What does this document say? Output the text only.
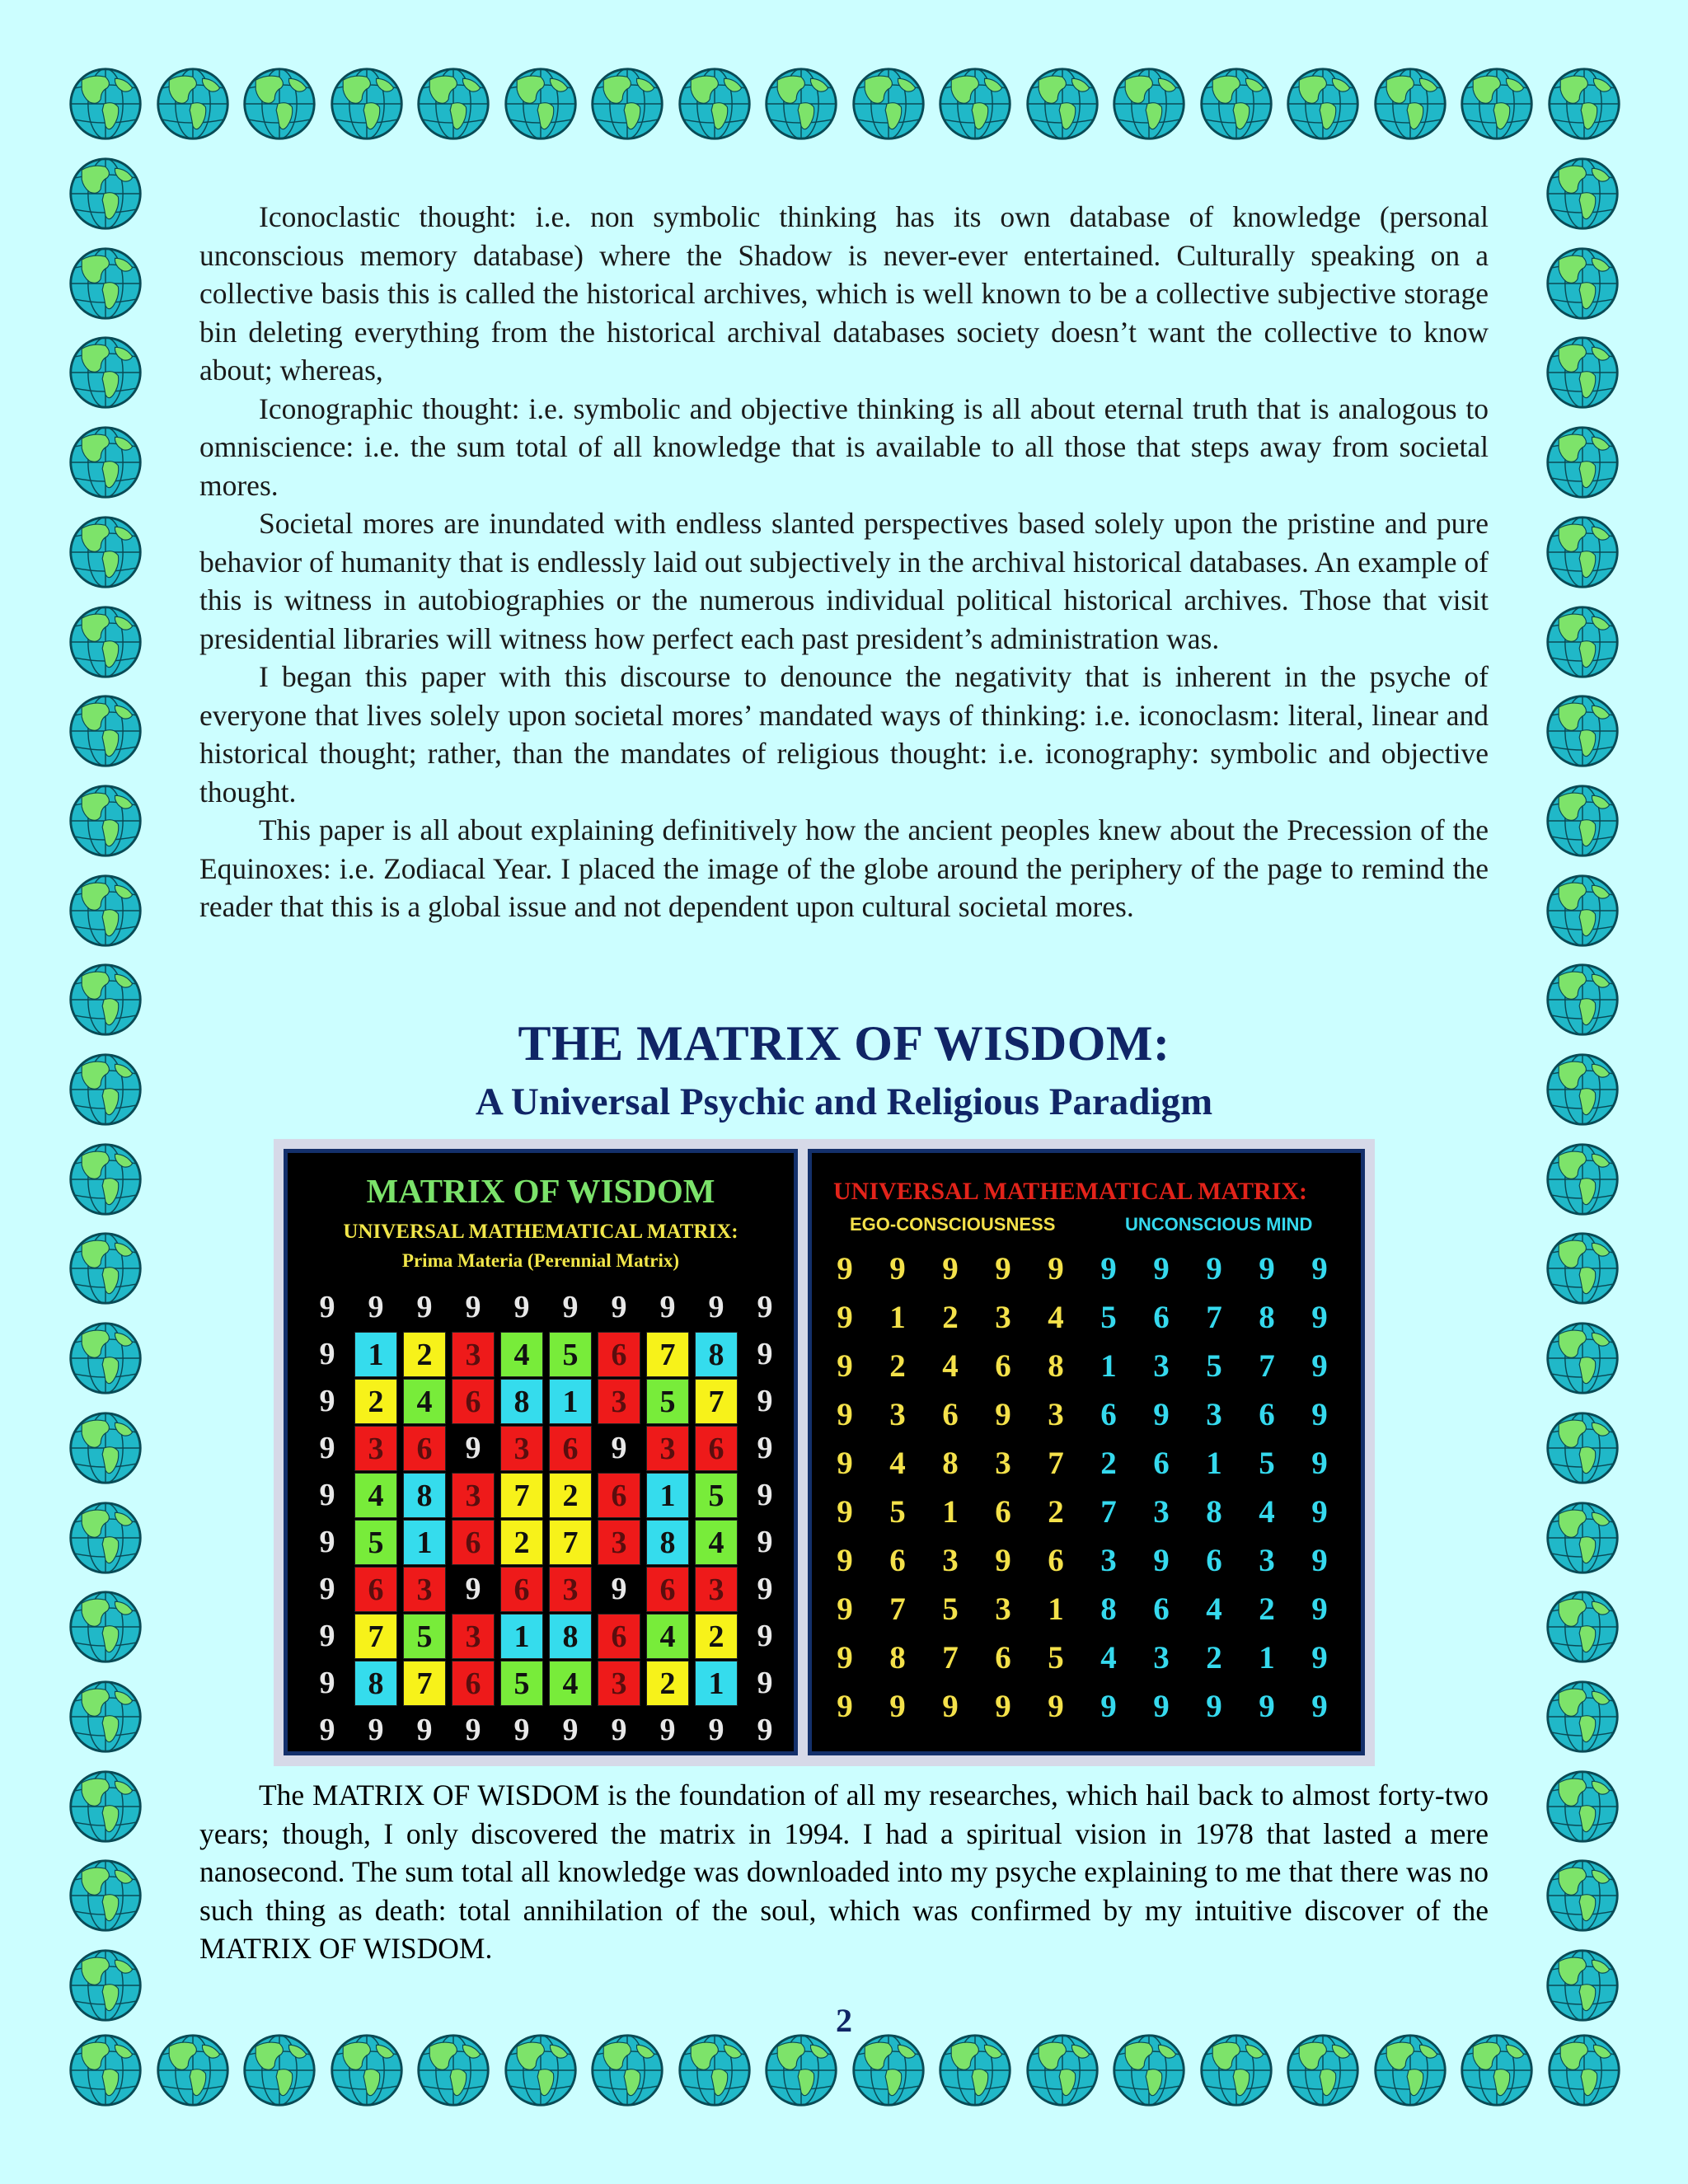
Iconoclastic thought: i.e. non symbolic thinking has its own database of knowledge (personal unconscious memory database) where the Shadow is never-ever entertained. Culturally speaking on a collective basis this is called the historical archives, which is well known to be a collective subjective storage bin deleting everything from the historical archival databases society doesn’t want the collective to know about; whereas,

Iconographic thought: i.e. symbolic and objective thinking is all about eternal truth that is analogous to omniscience: i.e. the sum total of all knowledge that is available to all those that steps away from societal mores.

Societal mores are inundated with endless slanted perspectives based solely upon the pristine and pure behavior of humanity that is endlessly laid out subjectively in the archival historical databases. An example of this is witness in autobiographies or the numerous individual political historical archives. Those that visit presidential libraries will witness how perfect each past president’s administration was.

I began this paper with this discourse to denounce the negativity that is inherent in the psyche of everyone that lives solely upon societal mores’ mandated ways of thinking: i.e. iconoclasm: literal, linear and historical thought; rather, than the mandates of religious thought: i.e. iconography: symbolic and objective thought.

This paper is all about explaining definitively how the ancient peoples knew about the Precession of the Equinoxes: i.e. Zodiacal Year. I placed the image of the globe around the periphery of the page to remind the reader that this is a global issue and not dependent upon cultural societal mores.

THE MATRIX OF WISDOM:
A Universal Psychic and Religious Paradigm
MATRIX OF WISDOM
UNIVERSAL MATHEMATICAL MATRIX:
Prima Materia (Perennial Matrix)
9	9	9	9	9	9	9	9	9	9
9	1	2	3	4	5	6	7	8	9
9	2	4	6	8	1	3	5	7	9
9	3	6	9	3	6	9	3	6	9
9	4	8	3	7	2	6	1	5	9
9	5	1	6	2	7	3	8	4	9
9	6	3	9	6	3	9	6	3	9
9	7	5	3	1	8	6	4	2	9
9	8	7	6	5	4	3	2	1	9
9	9	9	9	9	9	9	9	9	9
UNIVERSAL MATHEMATICAL MATRIX:
EGO-CONSCIOUSNESS	UNCONSCIOUS MIND
9	9	9	9	9	9	9	9	9	9
9	1	2	3	4	5	6	7	8	9
9	2	4	6	8	1	3	5	7	9
9	3	6	9	3	6	9	3	6	9
9	4	8	3	7	2	6	1	5	9
9	5	1	6	2	7	3	8	4	9
9	6	3	9	6	3	9	6	3	9
9	7	5	3	1	8	6	4	2	9
9	8	7	6	5	4	3	2	1	9
9	9	9	9	9	9	9	9	9	9

The MATRIX OF WISDOM is the foundation of all my researches, which hail back to almost forty-two years; though, I only discovered the matrix in 1994. I had a spiritual vision in 1978 that lasted a mere nanosecond. The sum total all knowledge was downloaded into my psyche explaining to me that there was no such thing as death: total annihilation of the soul, which was confirmed by my intuitive discover of the MATRIX OF WISDOM.

2
